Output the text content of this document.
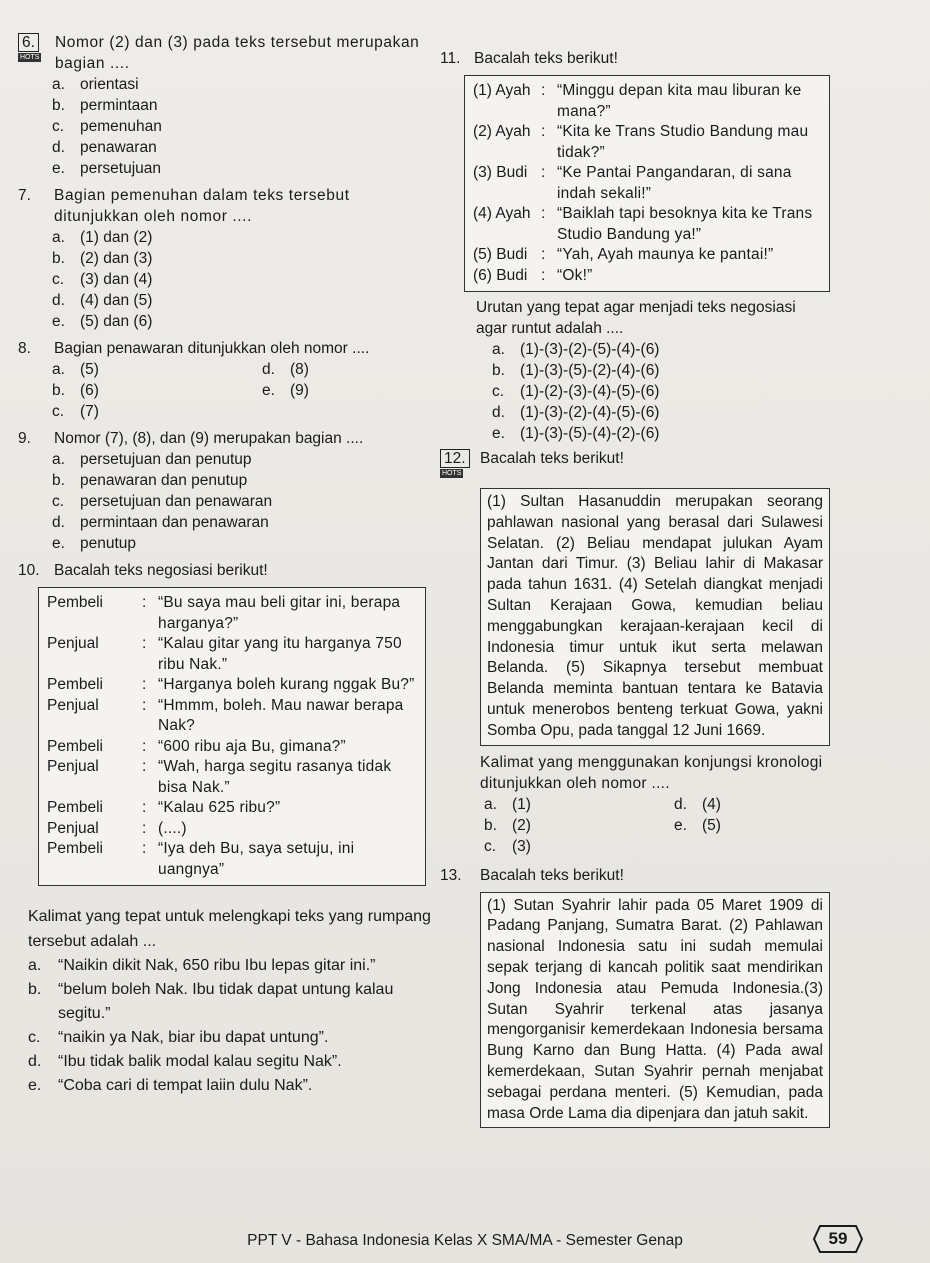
6.
HOTS
Nomor (2) dan (3) pada teks tersebut merupakan bagian ....
a. orientasi
b. permintaan
c.	pemenuhan
d. penawaran
e. persetujuan
7.	Bagian pemenuhan dalam teks tersebut ditunjukkan oleh nomor ....
a. (1) dan (2)
b. (2) dan (3)
c.	(3) dan (4)
d. (4) dan (5)
e. (5) dan (6)
8.	Bagian penawaran ditunjukkan oleh nomor ....
a. (5)	d. (8)
b. (6)	e. (9)
c.	(7)
9.	Nomor (7), (8), dan (9) merupakan bagian ....
a. persetujuan dan penutup
b. penawaran dan penutup
c.	persetujuan dan penawaran
d. permintaan dan penawaran
e. penutup
10. Bacalah teks negosiasi berikut!
Pembeli	: “Bu saya mau beli gitar ini, berapa harganya?”
Penjual	: “Kalau gitar yang itu harganya 750 ribu Nak.”
Pembeli	: “Harganya boleh kurang nggak Bu?”
Penjual	: “Hmmm, boleh. Mau nawar berapa Nak?
Pembeli	: “600 ribu aja Bu, gimana?”
Penjual	: “Wah, harga segitu rasanya tidak bisa Nak.”
Pembeli	: “Kalau 625 ribu?”
Penjual	: (....)
Pembeli	: “Iya deh Bu, saya setuju, ini uangnya”
Kalimat yang tepat untuk melengkapi teks yang rumpang tersebut adalah ...
a.	“Naikin dikit Nak, 650 ribu Ibu lepas gitar ini.”
b.	“belum boleh Nak. Ibu tidak dapat untung kalau segitu.”
c.	“naikin ya Nak, biar ibu dapat untung”.
d.	“Ibu tidak balik modal kalau segitu Nak”.
e.	“Coba cari di tempat laiin dulu Nak”.
11. Bacalah teks berikut!
(1) Ayah : “Minggu depan kita mau liburan ke mana?”
(2) Ayah : “Kita ke Trans Studio Bandung mau tidak?”
(3) Budi : “Ke Pantai Pangandaran, di sana indah sekali!”
(4) Ayah : “Baiklah tapi besoknya kita ke Trans Studio Bandung ya!”
(5) Budi : “Yah, Ayah maunya ke pantai!”
(6) Budi : “Ok!”
Urutan yang tepat agar menjadi teks negosiasi agar runtut adalah ....
a. (1)-(3)-(2)-(5)-(4)-(6)
b. (1)-(3)-(5)-(2)-(4)-(6)
c.	(1)-(2)-(3)-(4)-(5)-(6)
d. (1)-(3)-(2)-(4)-(5)-(6)
e. (1)-(3)-(5)-(4)-(2)-(6)
12.
HOTS
Bacalah teks berikut!
(1) Sultan Hasanuddin merupakan seorang pahlawan nasional yang berasal dari Sulawesi Selatan. (2) Beliau mendapat julukan Ayam Jantan dari Timur. (3) Beliau lahir di Makasar pada tahun 1631. (4) Setelah diangkat menjadi Sultan Kerajaan Gowa, kemudian beliau menggabungkan kerajaan-kerajaan kecil di Indonesia timur untuk ikut serta melawan Belanda. (5) Sikapnya tersebut membuat Belanda meminta bantuan tentara ke Batavia untuk menerobos benteng terkuat Gowa, yakni Somba Opu, pada tanggal 12 Juni 1669.
Kalimat yang menggunakan konjungsi kronologi ditunjukkan oleh nomor ....
a. (1)	d. (4)
b. (2)	e. (5)
c.	(3)
13.	Bacalah teks berikut!
(1) Sutan Syahrir lahir pada 05 Maret 1909 di Padang Panjang, Sumatra Barat. (2) Pahlawan nasional Indonesia satu ini sudah memulai sepak terjang di kancah politik saat mendirikan Jong Indonesia atau Pemuda Indonesia.(3) Sutan Syahrir terkenal atas jasanya mengorganisir kemerdekaan Indonesia bersama Bung Karno dan Bung Hatta. (4) Pada awal kemerdekaan, Sutan Syahrir pernah menjabat sebagai perdana menteri. (5) Kemudian, pada masa Orde Lama dia dipenjara dan jatuh sakit.
PPT V - Bahasa Indonesia Kelas X SMA/MA - Semester Genap	59
